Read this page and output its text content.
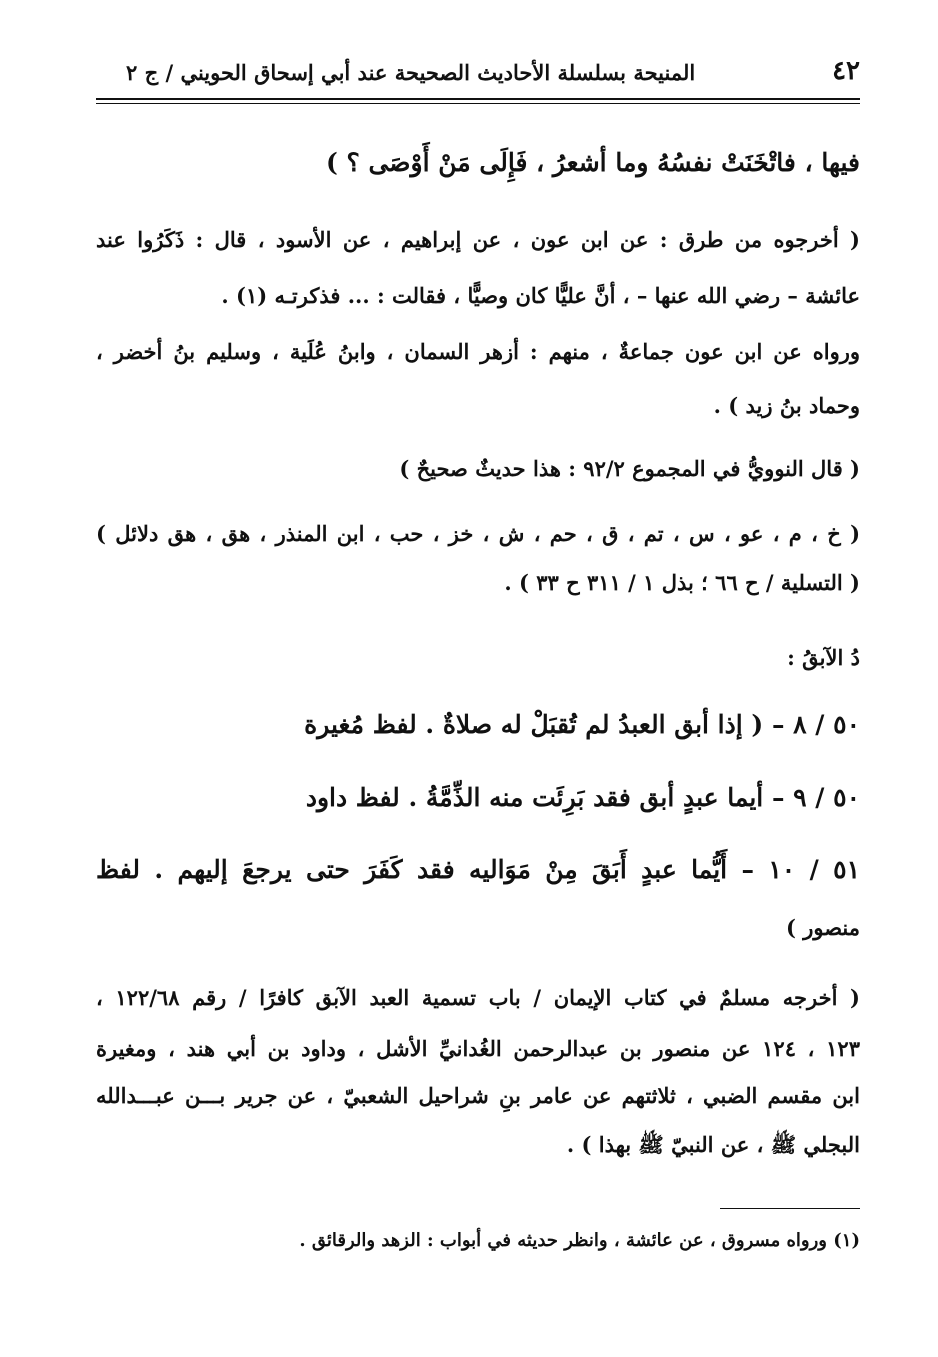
٤٢
المنيحة بسلسلة الأحاديث الصحيحة عند أبي إسحاق الحويني / ج ٢
فيها ، فاتْخَنَتْ نفسُهُ وما أشعرُ ، فَإِلَى مَنْ أَوْصَى ؟ )
( أخرجوه من طرق : عن ابن عون ، عن إبراهيم ، عن الأسود ، قال : ذَكَرُوا عند
عائشة – رضي الله عنها – ، أنَّ عليًّا كان وصيًّا ، فقالت : ... فذكرتـه (١) .
ورواه عن ابن عون جماعةٌ ، منهم : أزهر السمان ، وابنُ عُلَية ، وسليم بنُ أخضر ،
وحماد بنُ زيد ) .
( قال النوويُّ في المجموع ٩٢/٢ : هذا حديثٌ صحيحٌ )
( خ ، م ، عو ، س ، تم ، ق ، حم ، ش ، خز ، حب ، ابن المنذر ، هق ، هق دلائل )
( التسلية / ح ٦٦ ؛ بذل ١ / ٣١١ ح ٣٣ ) .
دُ الآبقُ :
٥٠ / ٨ – ( إذا أبق العبدُ لم تُقبَلْ له صلاةٌ . لفظ مُغيرة
٥٠ / ٩ – أيما عبدٍ أبق فقد بَرِئَت منه الذِّمَّةُ . لفظ داود
٥١ / ١٠ – أَيُّما عبدٍ أَبَقَ مِنْ مَوَاليه فقد كَفَرَ حتى يرجعَ إليهم . لفظ
منصور )
( أخرجه مسلمٌ في كتاب الإيمان / باب تسمية العبد الآبق كافرًا / رقم ١٢٢/٦٨ ،
١٢٣ ، ١٢٤ عن منصور بن عبدالرحمن الغُدانيِّ الأشل ، وداود بن أبي هند ، ومغيرة
ابن مقسم الضبي ، ثلاثتهم عن عامر بنِ شراحيل الشعبيّ ، عن جرير بـــن عبـــدالله
البجلي ﷺ ، عن النبيّ ﷺ بهذا ) .
(١) ورواه مسروق ، عن عائشة ، وانظر حديثه في أبواب : الزهد والرقائق .
